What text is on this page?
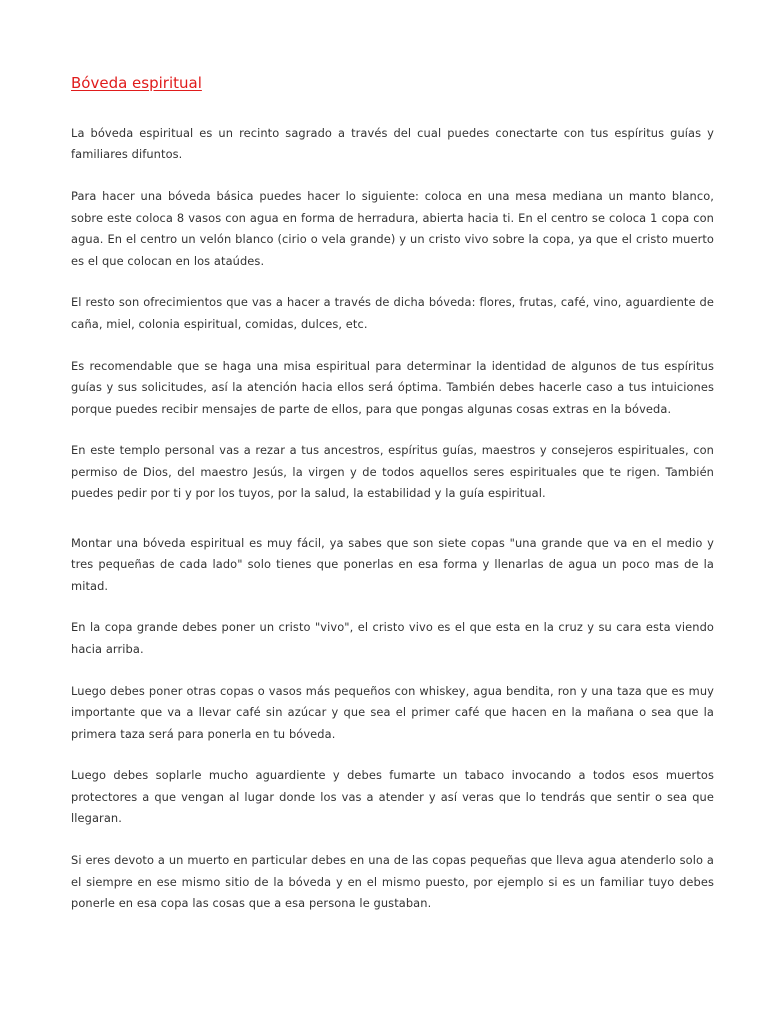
Bóveda espiritual

La bóveda espiritual es un recinto sagrado a través del cual puedes conectarte con tus espíritus guías y familiares difuntos.

Para hacer una bóveda básica puedes hacer lo siguiente: coloca en una mesa mediana un manto blanco, sobre este coloca 8 vasos con agua en forma de herradura, abierta hacia ti. En el centro se coloca 1 copa con agua. En el centro un velón blanco (cirio o vela grande) y un cristo vivo sobre la copa, ya que el cristo muerto es el que colocan en los ataúdes.

El resto son ofrecimientos que vas a hacer a través de dicha bóveda: flores, frutas, café, vino, aguardiente de caña, miel, colonia espiritual, comidas, dulces, etc.

Es recomendable que se haga una misa espiritual para determinar la identidad de algunos de tus espíritus guías y sus solicitudes, así la atención hacia ellos será óptima. También debes hacerle caso a tus intuiciones porque puedes recibir mensajes de parte de ellos, para que pongas algunas cosas extras en la bóveda.

En este templo personal vas a rezar a tus ancestros, espíritus guías, maestros y consejeros espirituales, con permiso de Dios, del maestro Jesús, la virgen y de todos aquellos seres espirituales que te rigen. También puedes pedir por ti y por los tuyos, por la salud, la estabilidad y la guía espiritual.

Montar una bóveda espiritual es muy fácil, ya sabes que son siete copas "una grande que va en el medio y tres pequeñas de cada lado" solo tienes que ponerlas en esa forma y llenarlas de agua un poco mas de la mitad.

En la copa grande debes poner un cristo "vivo", el cristo vivo es el que esta en la cruz y su cara esta viendo hacia arriba.

Luego debes poner otras copas o vasos más pequeños con whiskey, agua bendita, ron y una taza que es muy importante que va a llevar café sin azúcar y que sea el primer café que hacen en la mañana o sea que la primera taza será para ponerla en tu bóveda.

Luego debes soplarle mucho aguardiente y debes fumarte un tabaco invocando a todos esos muertos protectores a que vengan al lugar donde los vas a atender y así veras que lo tendrás que sentir o sea que llegaran.

Si eres devoto a un muerto en particular debes en una de las copas pequeñas que lleva agua atenderlo solo a el siempre en ese mismo sitio de la bóveda y en el mismo puesto, por ejemplo si es un familiar tuyo debes ponerle en esa copa las cosas que a esa persona le gustaban.
